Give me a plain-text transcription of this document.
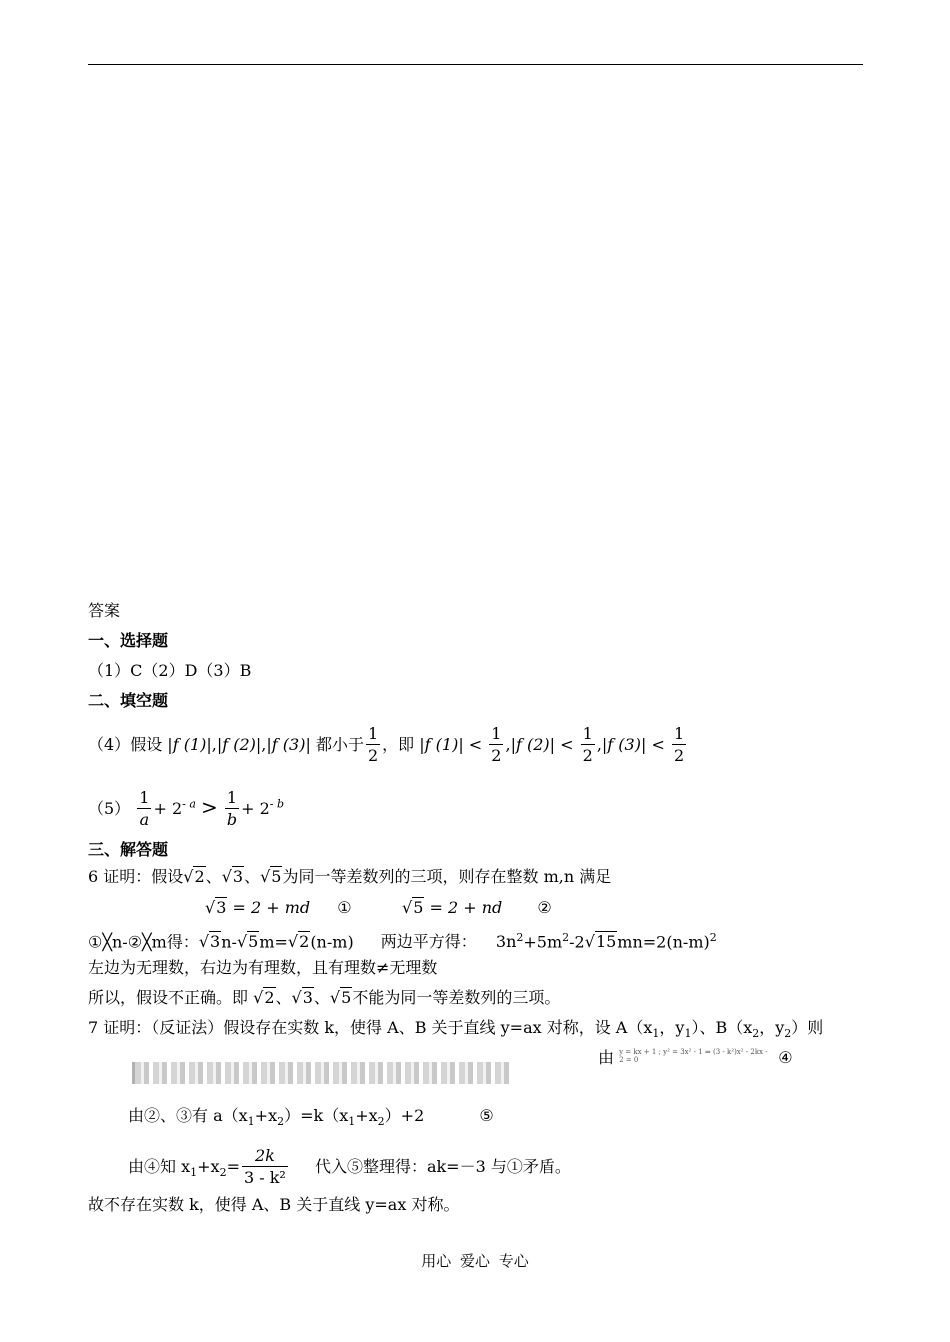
答案
一、选择题
（1）C（2）D（3）B
二、填空题
（4）假设 |f (1)|,|f (2)|,|f (3)| 都小于 $\frac{1}{2}$ ，即 |f $(1)| < \frac{1}{2} ,|f$ $(2)| < \frac{1}{2} ,|f$ $(3)| < \frac{1}{2}$
$(5) \frac{1}{a} + 2^{- a} > \frac{1}{b} + 2^{- b}$
三、解答题
6 证明：假设√2、√3、√5为同一等差数列的三项，则存在整数 m,n 满足
√3 = 2 + md ①	√5 = 2 + nd ②
①╳n-②╳m得：√3n-√5m=√2(n-m) 两边平方得： $3n^2+5m^2-2√15mn=2(n-m)^2$
左边为无理数，右边为有理数，且有理数≠无理数
所以，假设不正确。即 √2、√3、√5不能为同一等差数列的三项。
7 证明：（反证法）假设存在实数 k，使得 A、B 关于直线 y=ax 对称，设 $A(x_1$，$y_1$）、$B(x_2$，$y_2$）则
由 y = kx + 1 ; y² = 3x² - 1 ⇒ (3 - k²)x² - 2kx - 2 = 0	④
由②、③有 $a(x_1+x_2)=k(x_1+x_2)+2$	⑤
由④知 $x_1+x_2= \frac{2k}{\text{3 - k²}}$ 代入⑤整理得：ak=－3 与①矛盾。
故不存在实数 k，使得 A、B 关于直线 y=ax 对称。
用心 爱心 专心
